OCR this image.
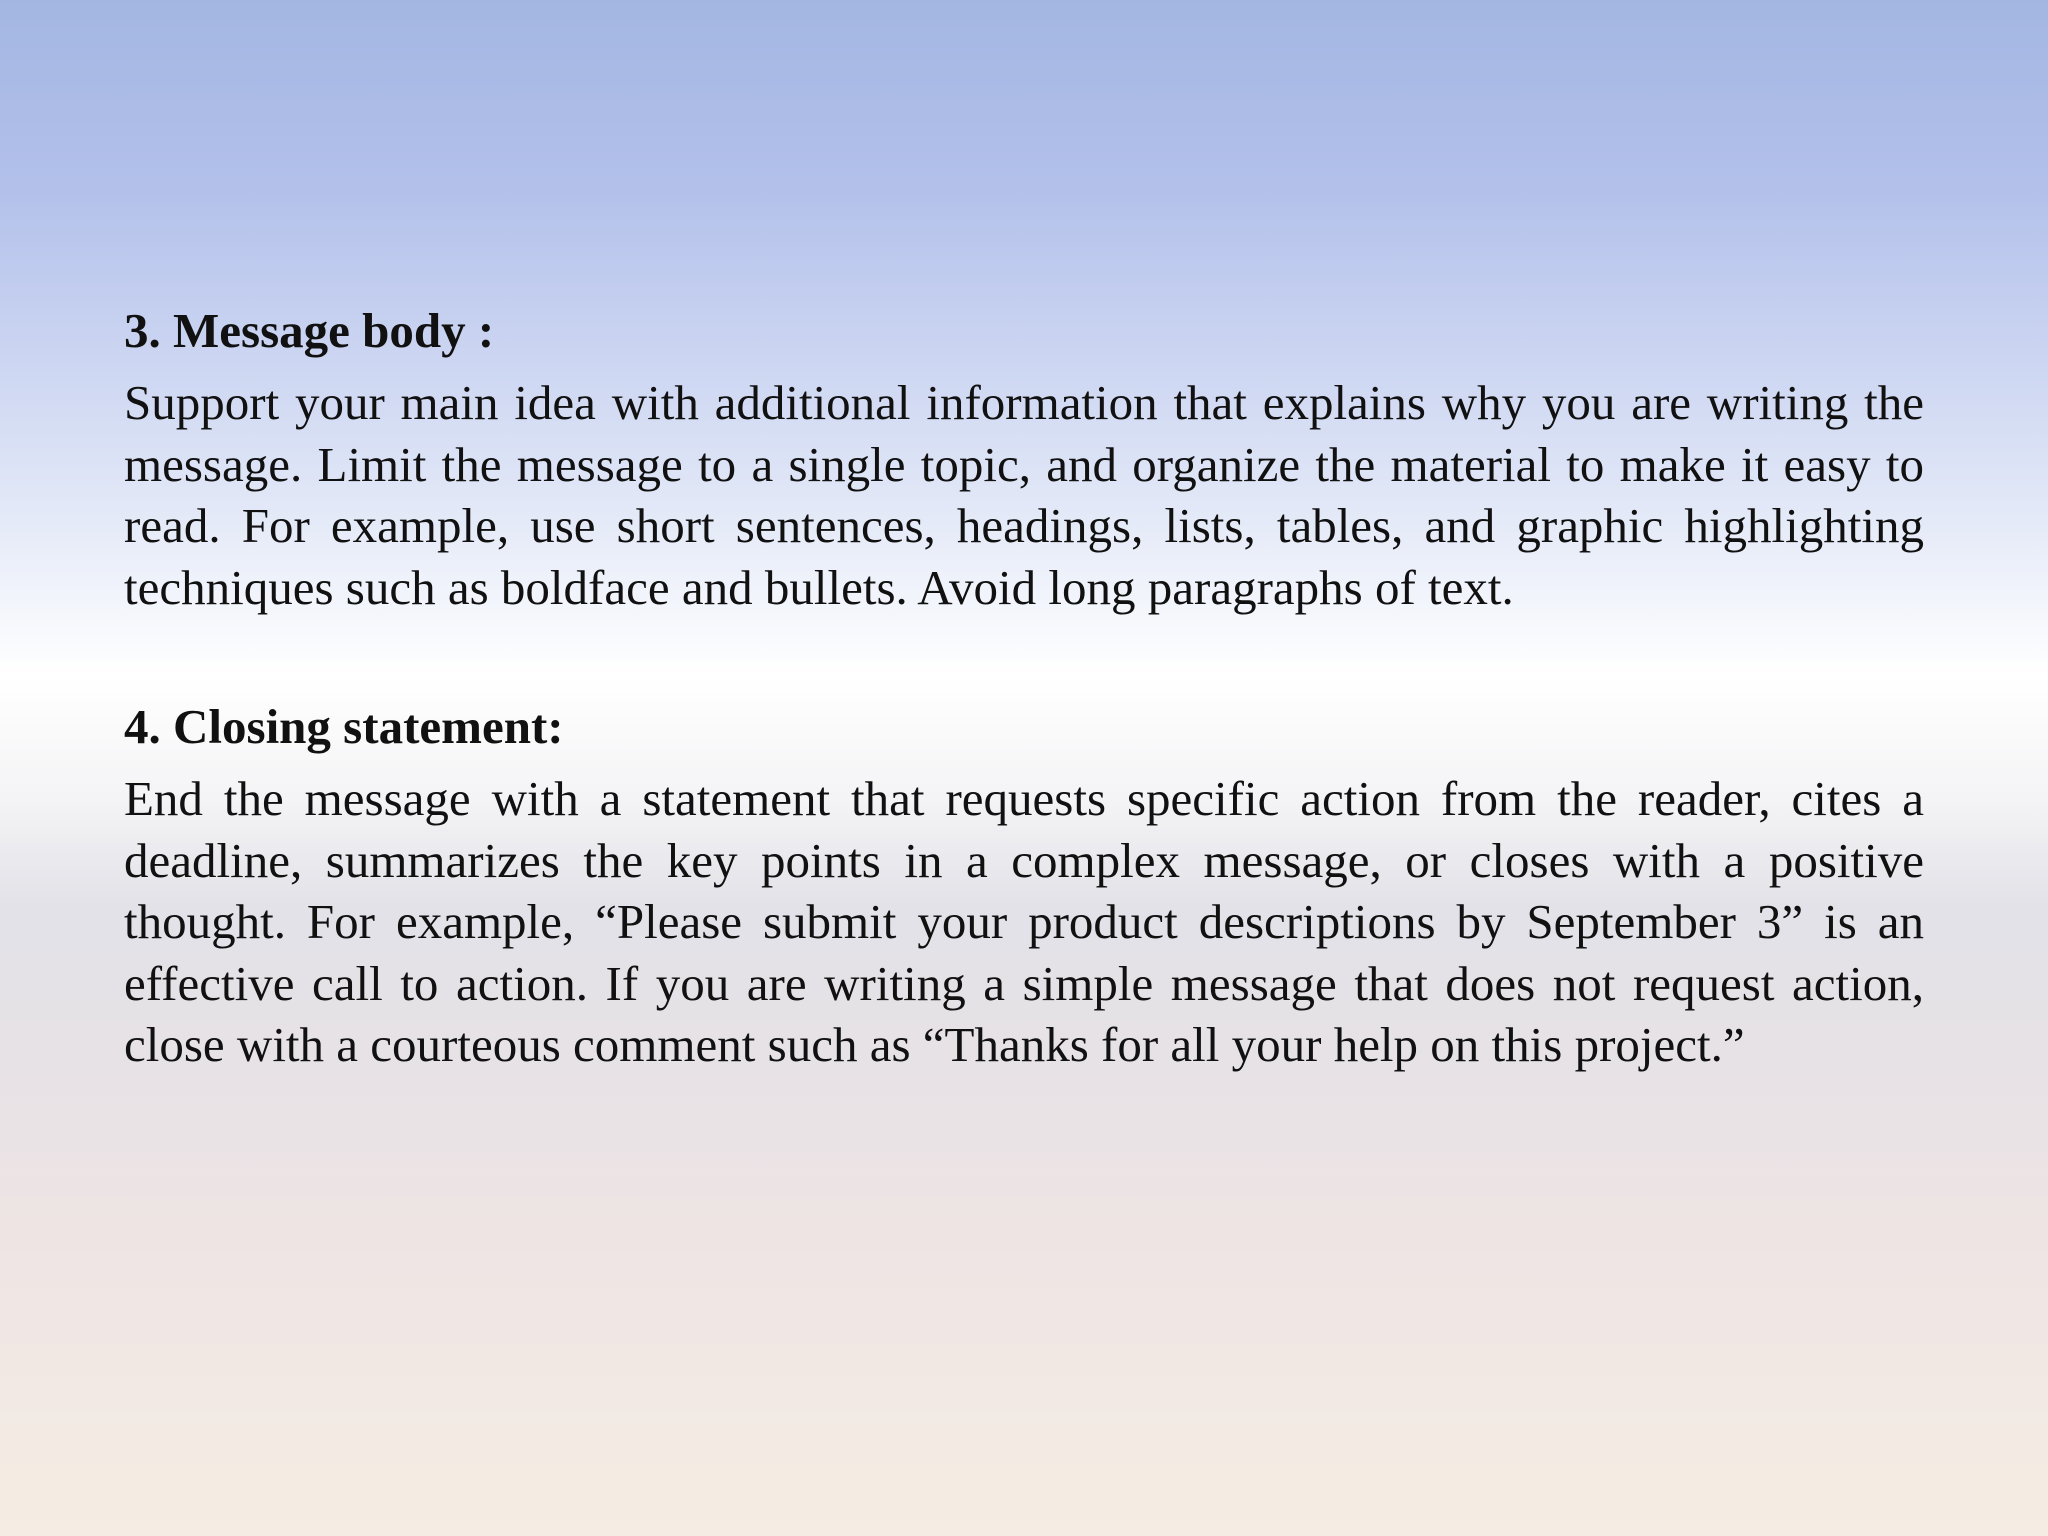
3. Message body :

Support your main idea with additional information that explains why you are writing the message. Limit the message to a single topic, and organize the material to make it easy to read. For example, use short sentences, headings, lists, tables, and graphic highlighting techniques such as boldface and bullets. Avoid long paragraphs of text.

4. Closing statement:

End the message with a statement that requests specific action from the reader, cites a deadline, summarizes the key points in a complex message, or closes with a positive thought. For example, “Please submit your product descriptions by September 3” is an effective call to action. If you are writing a simple message that does not request action, close with a courteous comment such as “Thanks for all your help on this project.”
